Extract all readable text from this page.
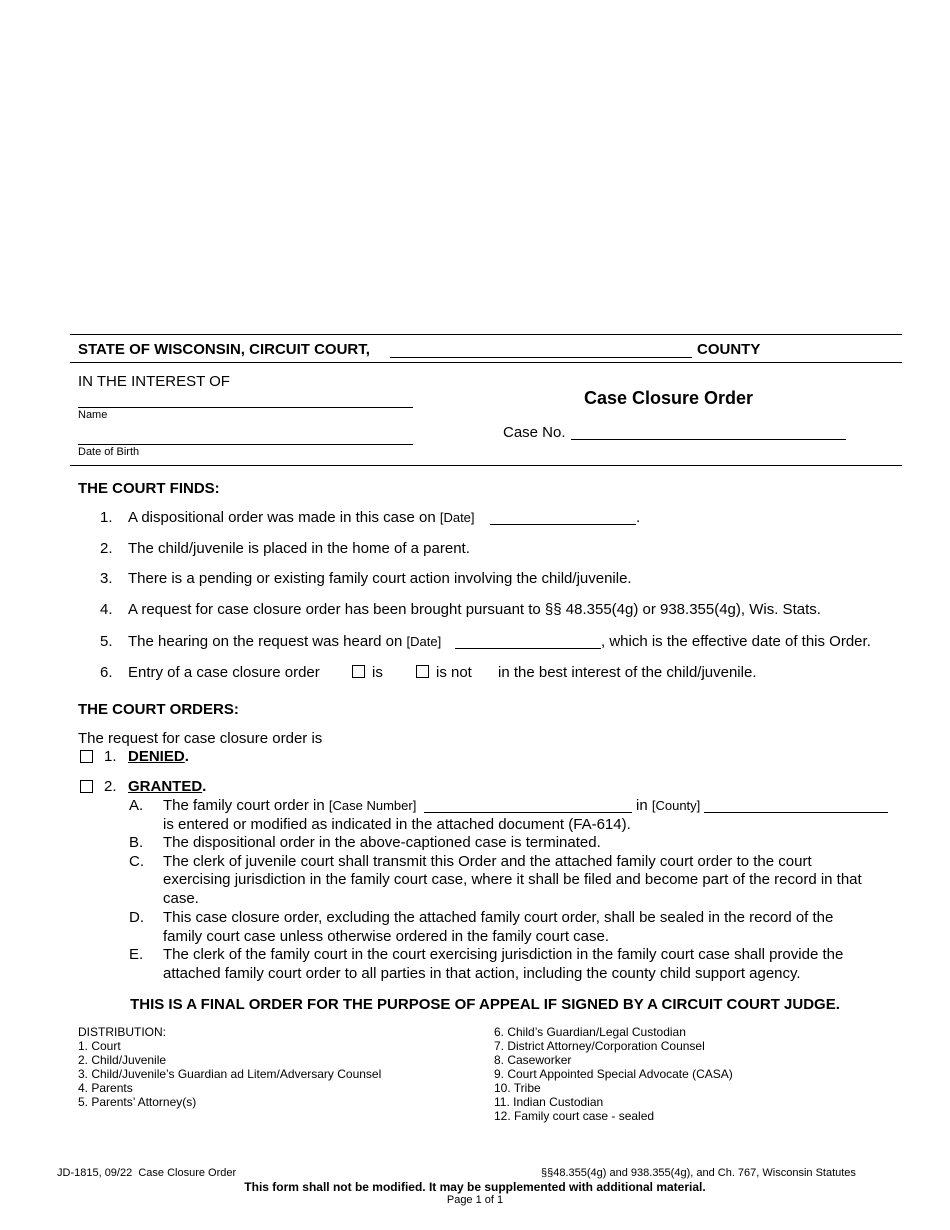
STATE OF WISCONSIN, CIRCUIT COURT,	COUNTY
IN THE INTEREST OF
Name
Date of Birth
Case Closure Order
Case No.
THE COURT FINDS:
1. A dispositional order was made in this case on [Date]	.
2. The child/juvenile is placed in the home of a parent.
3. There is a pending or existing family court action involving the child/juvenile.
4. A request for case closure order has been brought pursuant to §§ 48.355(4g) or 938.355(4g), Wis. Stats.
5. The hearing on the request was heard on [Date]	, which is the effective date of this Order.
6. Entry of a case closure order	is	is not in the best interest of the child/juvenile.
THE COURT ORDERS:
The request for case closure order is
1. DENIED.
2. GRANTED.
A. The family court order in [Case Number]	in [County]
is entered or modified as indicated in the attached document (FA-614).
B. The dispositional order in the above-captioned case is terminated.
C. The clerk of juvenile court shall transmit this Order and the attached family court order to the court
exercising jurisdiction in the family court case, where it shall be filed and become part of the record in that
case.
D. This case closure order, excluding the attached family court order, shall be sealed in the record of the
family court case unless otherwise ordered in the family court case.
E. The clerk of the family court in the court exercising jurisdiction in the family court case shall provide the
attached family court order to all parties in that action, including the county child support agency.
THIS IS A FINAL ORDER FOR THE PURPOSE OF APPEAL IF SIGNED BY A CIRCUIT COURT JUDGE.
DISTRIBUTION:
1. Court
2. Child/Juvenile
3. Child/Juvenile’s Guardian ad Litem/Adversary Counsel
4. Parents
5. Parents’ Attorney(s)
6. Child’s Guardian/Legal Custodian
7. District Attorney/Corporation Counsel
8. Caseworker
9. Court Appointed Special Advocate (CASA)
10. Tribe
11. Indian Custodian
12. Family court case - sealed
JD-1815, 09/22  Case Closure Order	§§48.355(4g) and 938.355(4g), and Ch. 767, Wisconsin Statutes
This form shall not be modified. It may be supplemented with additional material.
Page 1 of 1
